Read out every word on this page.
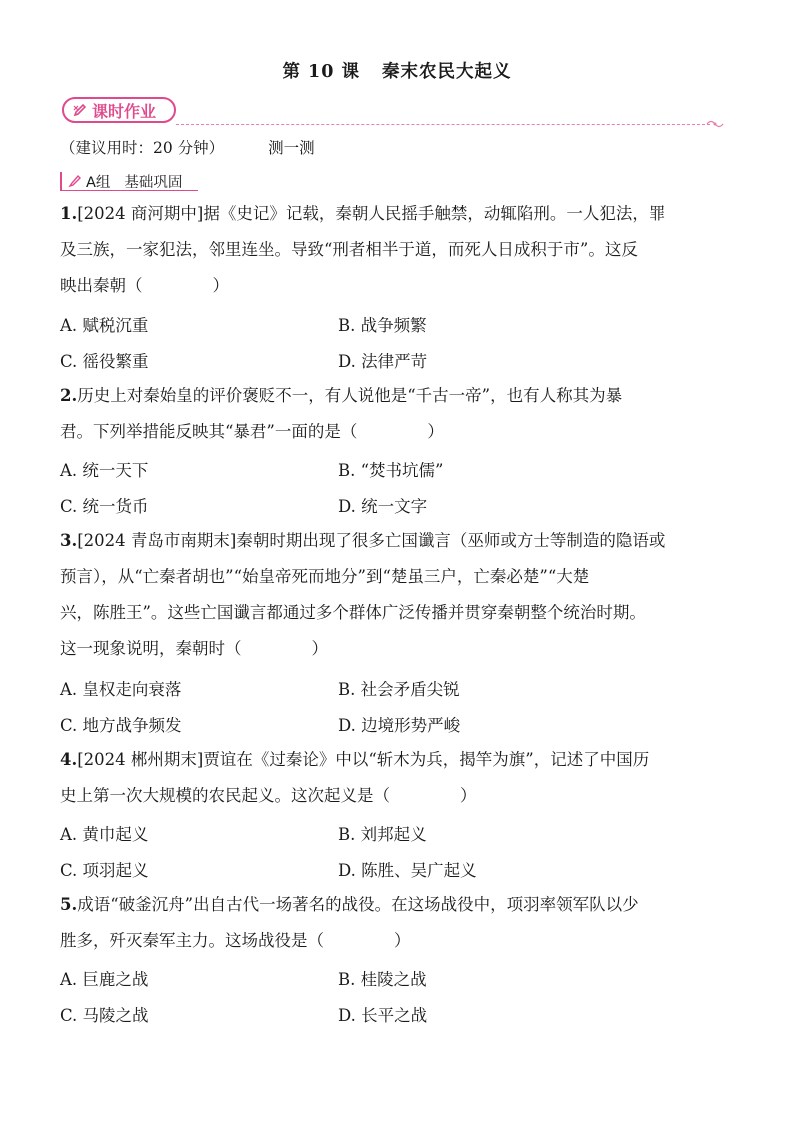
第 10 课 秦末农民大起义
课时作业
（建议用时：20 分钟）	测一测
A组 基础巩固
1.[2024 商河期中]据《史记》记载，秦朝人民摇手触禁，动辄陷刑。一人犯法，罪
及三族，一家犯法，邻里连坐。导致“刑者相半于道，而死人日成积于市”。这反
映出秦朝（	）
A. 赋税沉重	B. 战争频繁
C. 徭役繁重	D. 法律严苛
2.历史上对秦始皇的评价褒贬不一，有人说他是“千古一帝”，也有人称其为暴
君。下列举措能反映其“暴君”一面的是（	）
A. 统一天下	B. “焚书坑儒”
C. 统一货币	D. 统一文字
3.[2024 青岛市南期末]秦朝时期出现了很多亡国谶言（巫师或方士等制造的隐语或
预言），从“亡秦者胡也”“始皇帝死而地分”到“楚虽三户，亡秦必楚”“大楚
兴，陈胜王”。这些亡国谶言都通过多个群体广泛传播并贯穿秦朝整个统治时期。
这一现象说明，秦朝时（	）
A. 皇权走向衰落	B. 社会矛盾尖锐
C. 地方战争频发	D. 边境形势严峻
4.[2024 郴州期末]贾谊在《过秦论》中以“斩木为兵，揭竿为旗”，记述了中国历
史上第一次大规模的农民起义。这次起义是（	）
A. 黄巾起义	B. 刘邦起义
C. 项羽起义	D. 陈胜、吴广起义
5.成语“破釜沉舟”出自古代一场著名的战役。在这场战役中，项羽率领军队以少
胜多，歼灭秦军主力。这场战役是（	）
A. 巨鹿之战	B. 桂陵之战
C. 马陵之战	D. 长平之战
